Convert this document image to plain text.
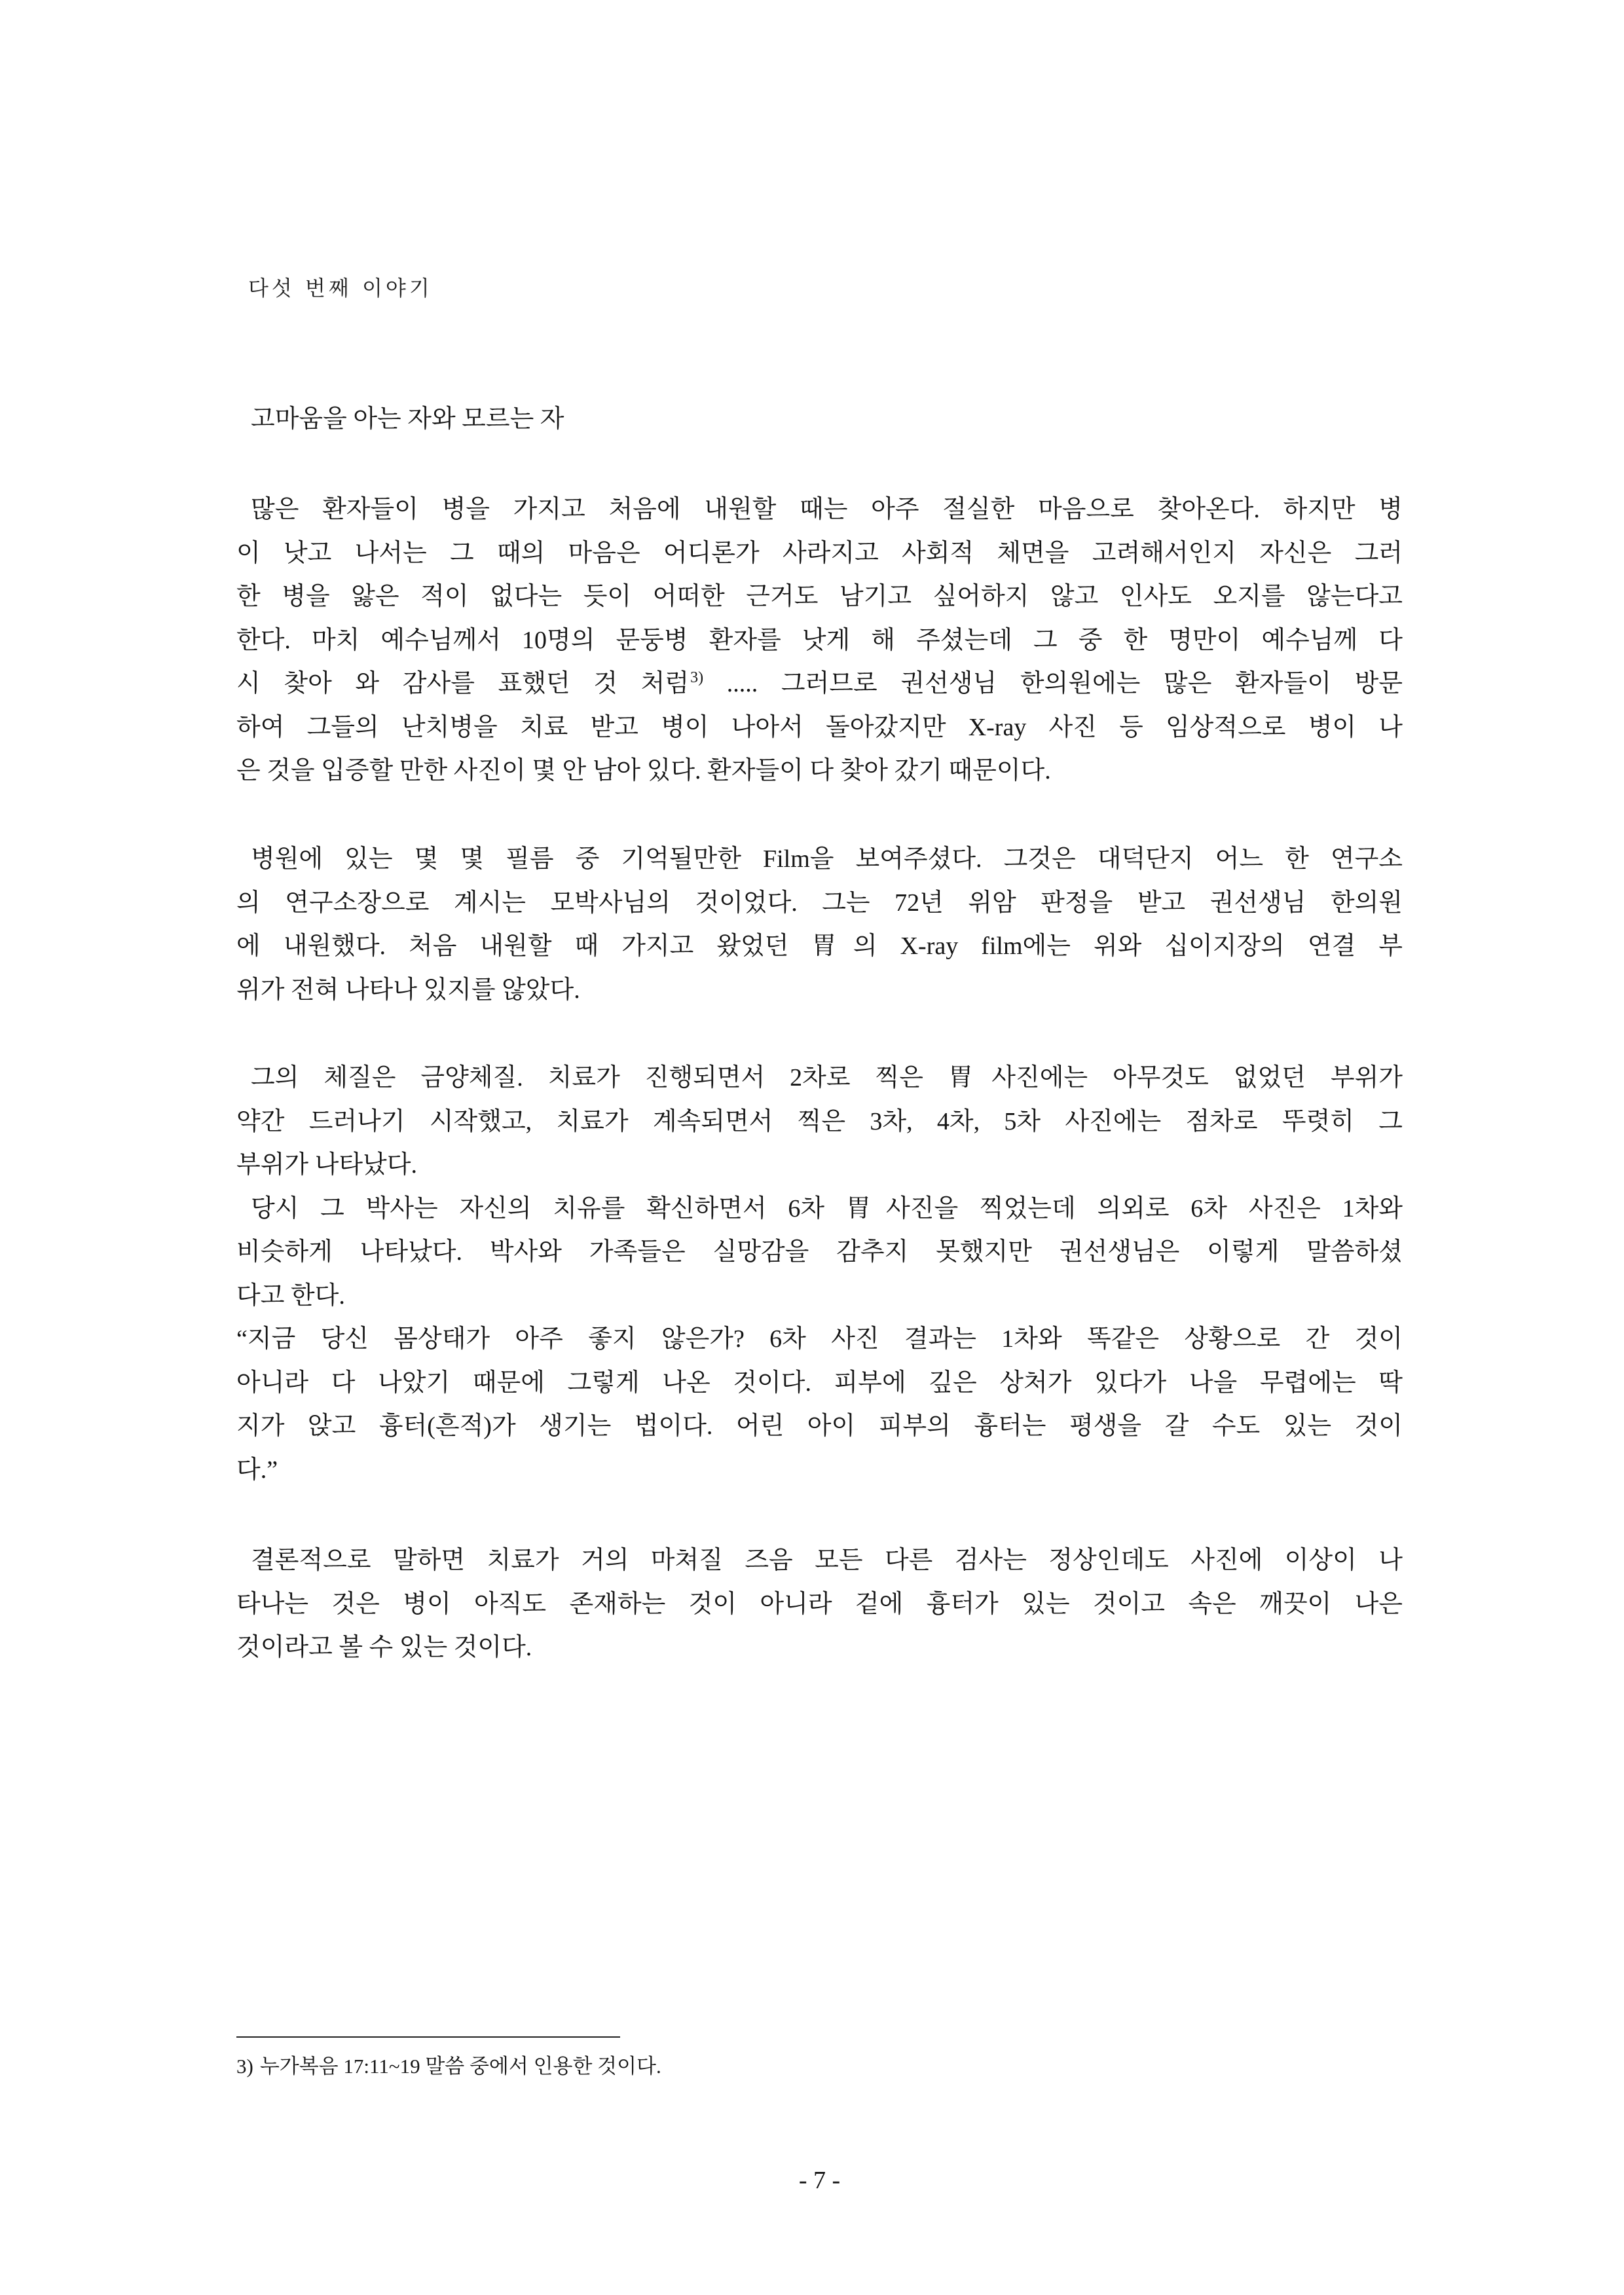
다섯 번째 이야기
고마움을 아는 자와 모르는 자
많은 환자들이 병을 가지고 처음에 내원할 때는 아주 절실한 마음으로 찾아온다. 하지만 병
이 낫고 나서는 그 때의 마음은 어디론가 사라지고 사회적 체면을 고려해서인지 자신은 그러
한 병을 앓은 적이 없다는 듯이 어떠한 근거도 남기고 싶어하지 않고 인사도 오지를 않는다고
한다. 마치 예수님께서 10명의 문둥병 환자를 낫게 해 주셨는데 그 중 한 명만이 예수님께 다
시 찾아 와 감사를 표했던 것 처럼$^{3)}$ ..... 그러므로 권선생님 한의원에는 많은 환자들이 방문
하여 그들의 난치병을 치료 받고 병이 나아서 돌아갔지만 X-ray 사진 등 임상적으로 병이 나
은 것을 입증할 만한 사진이 몇 안 남아 있다. 환자들이 다 찾아 갔기 때문이다.
병원에 있는 몇 몇 필름 중 기억될만한 Film을 보여주셨다. 그것은 대덕단지 어느 한 연구소
의 연구소장으로 계시는 모박사님의 것이었다. 그는 72년 위암 판정을 받고 권선생님 한의원
에 내원했다. 처음 내원할 때 가지고 왔었던 胃의 X-ray film에는 위와 십이지장의 연결 부
위가 전혀 나타나 있지를 않았다.
그의 체질은 금양체질. 치료가 진행되면서 2차로 찍은 胃사진에는 아무것도 없었던 부위가
약간 드러나기 시작했고, 치료가 계속되면서 찍은 3차, 4차, 5차 사진에는 점차로 뚜렷히 그
부위가 나타났다.
당시 그 박사는 자신의 치유를 확신하면서 6차 胃사진을 찍었는데 의외로 6차 사진은 1차와
비슷하게 나타났다. 박사와 가족들은 실망감을 감추지 못했지만 권선생님은 이렇게 말씀하셨
다고 한다.
“지금 당신 몸상태가 아주 좋지 않은가? 6차 사진 결과는 1차와 똑같은 상황으로 간 것이
아니라 다 나았기 때문에 그렇게 나온 것이다. 피부에 깊은 상처가 있다가 나을 무렵에는 딱
지가 앉고 흉터(흔적)가 생기는 법이다. 어린 아이 피부의 흉터는 평생을 갈 수도 있는 것이
다.”
결론적으로 말하면 치료가 거의 마쳐질 즈음 모든 다른 검사는 정상인데도 사진에 이상이 나
타나는 것은 병이 아직도 존재하는 것이 아니라 겉에 흉터가 있는 것이고 속은 깨끗이 나은
것이라고 볼 수 있는 것이다.
3) 누가복음 17:11~19 말씀 중에서 인용한 것이다.
- 7 -
